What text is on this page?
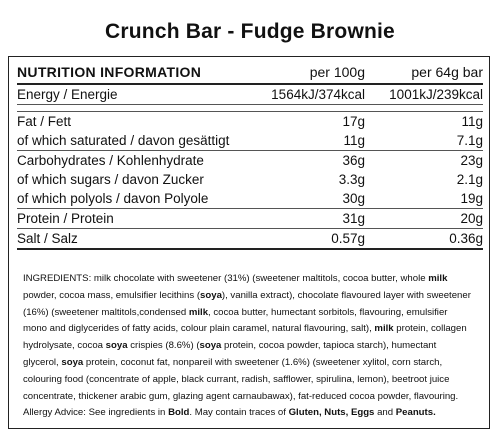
Crunch Bar - Fudge Brownie
NUTRITION INFORMATION	per 100g	per 64g bar
Energy / Energie	1564kJ/374kcal	1001kJ/239kcal

Fat / Fett	17g	11g
of which saturated / davon gesättigt	11g	7.1g
Carbohydrates / Kohlenhydrate	36g	23g
of which sugars / davon Zucker	3.3g	2.1g
of which polyols / davon Polyole	30g	19g
Protein / Protein	31g	20g
Salt / Salz	0.57g	0.36g

INGREDIENTS: milk chocolate with sweetener (31%) (sweetener maltitols, cocoa butter, whole milk powder, cocoa mass, emulsifier lecithins (soya), vanilla extract), chocolate flavoured layer with sweetener (16%) (sweetener maltitols,condensed milk, cocoa butter, humectant sorbitols, flavouring, emulsifier mono and diglycerides of fatty acids, colour plain caramel, natural flavouring, salt), milk protein, collagen hydrolysate, cocoa soya crispies (8.6%) (soya protein, cocoa powder, tapioca starch), humectant glycerol, soya protein, coconut fat, nonpareil with sweetener (1.6%) (sweetener xylitol, corn starch, colouring food (concentrate of apple, black currant, radish, safflower, spirulina, lemon), beetroot juice concentrate, thickener arabic gum, glazing agent carnaubawax), fat-reduced cocoa powder, flavouring. Allergy Advice: See ingredients in Bold. May contain traces of Gluten, Nuts, Eggs and Peanuts.
